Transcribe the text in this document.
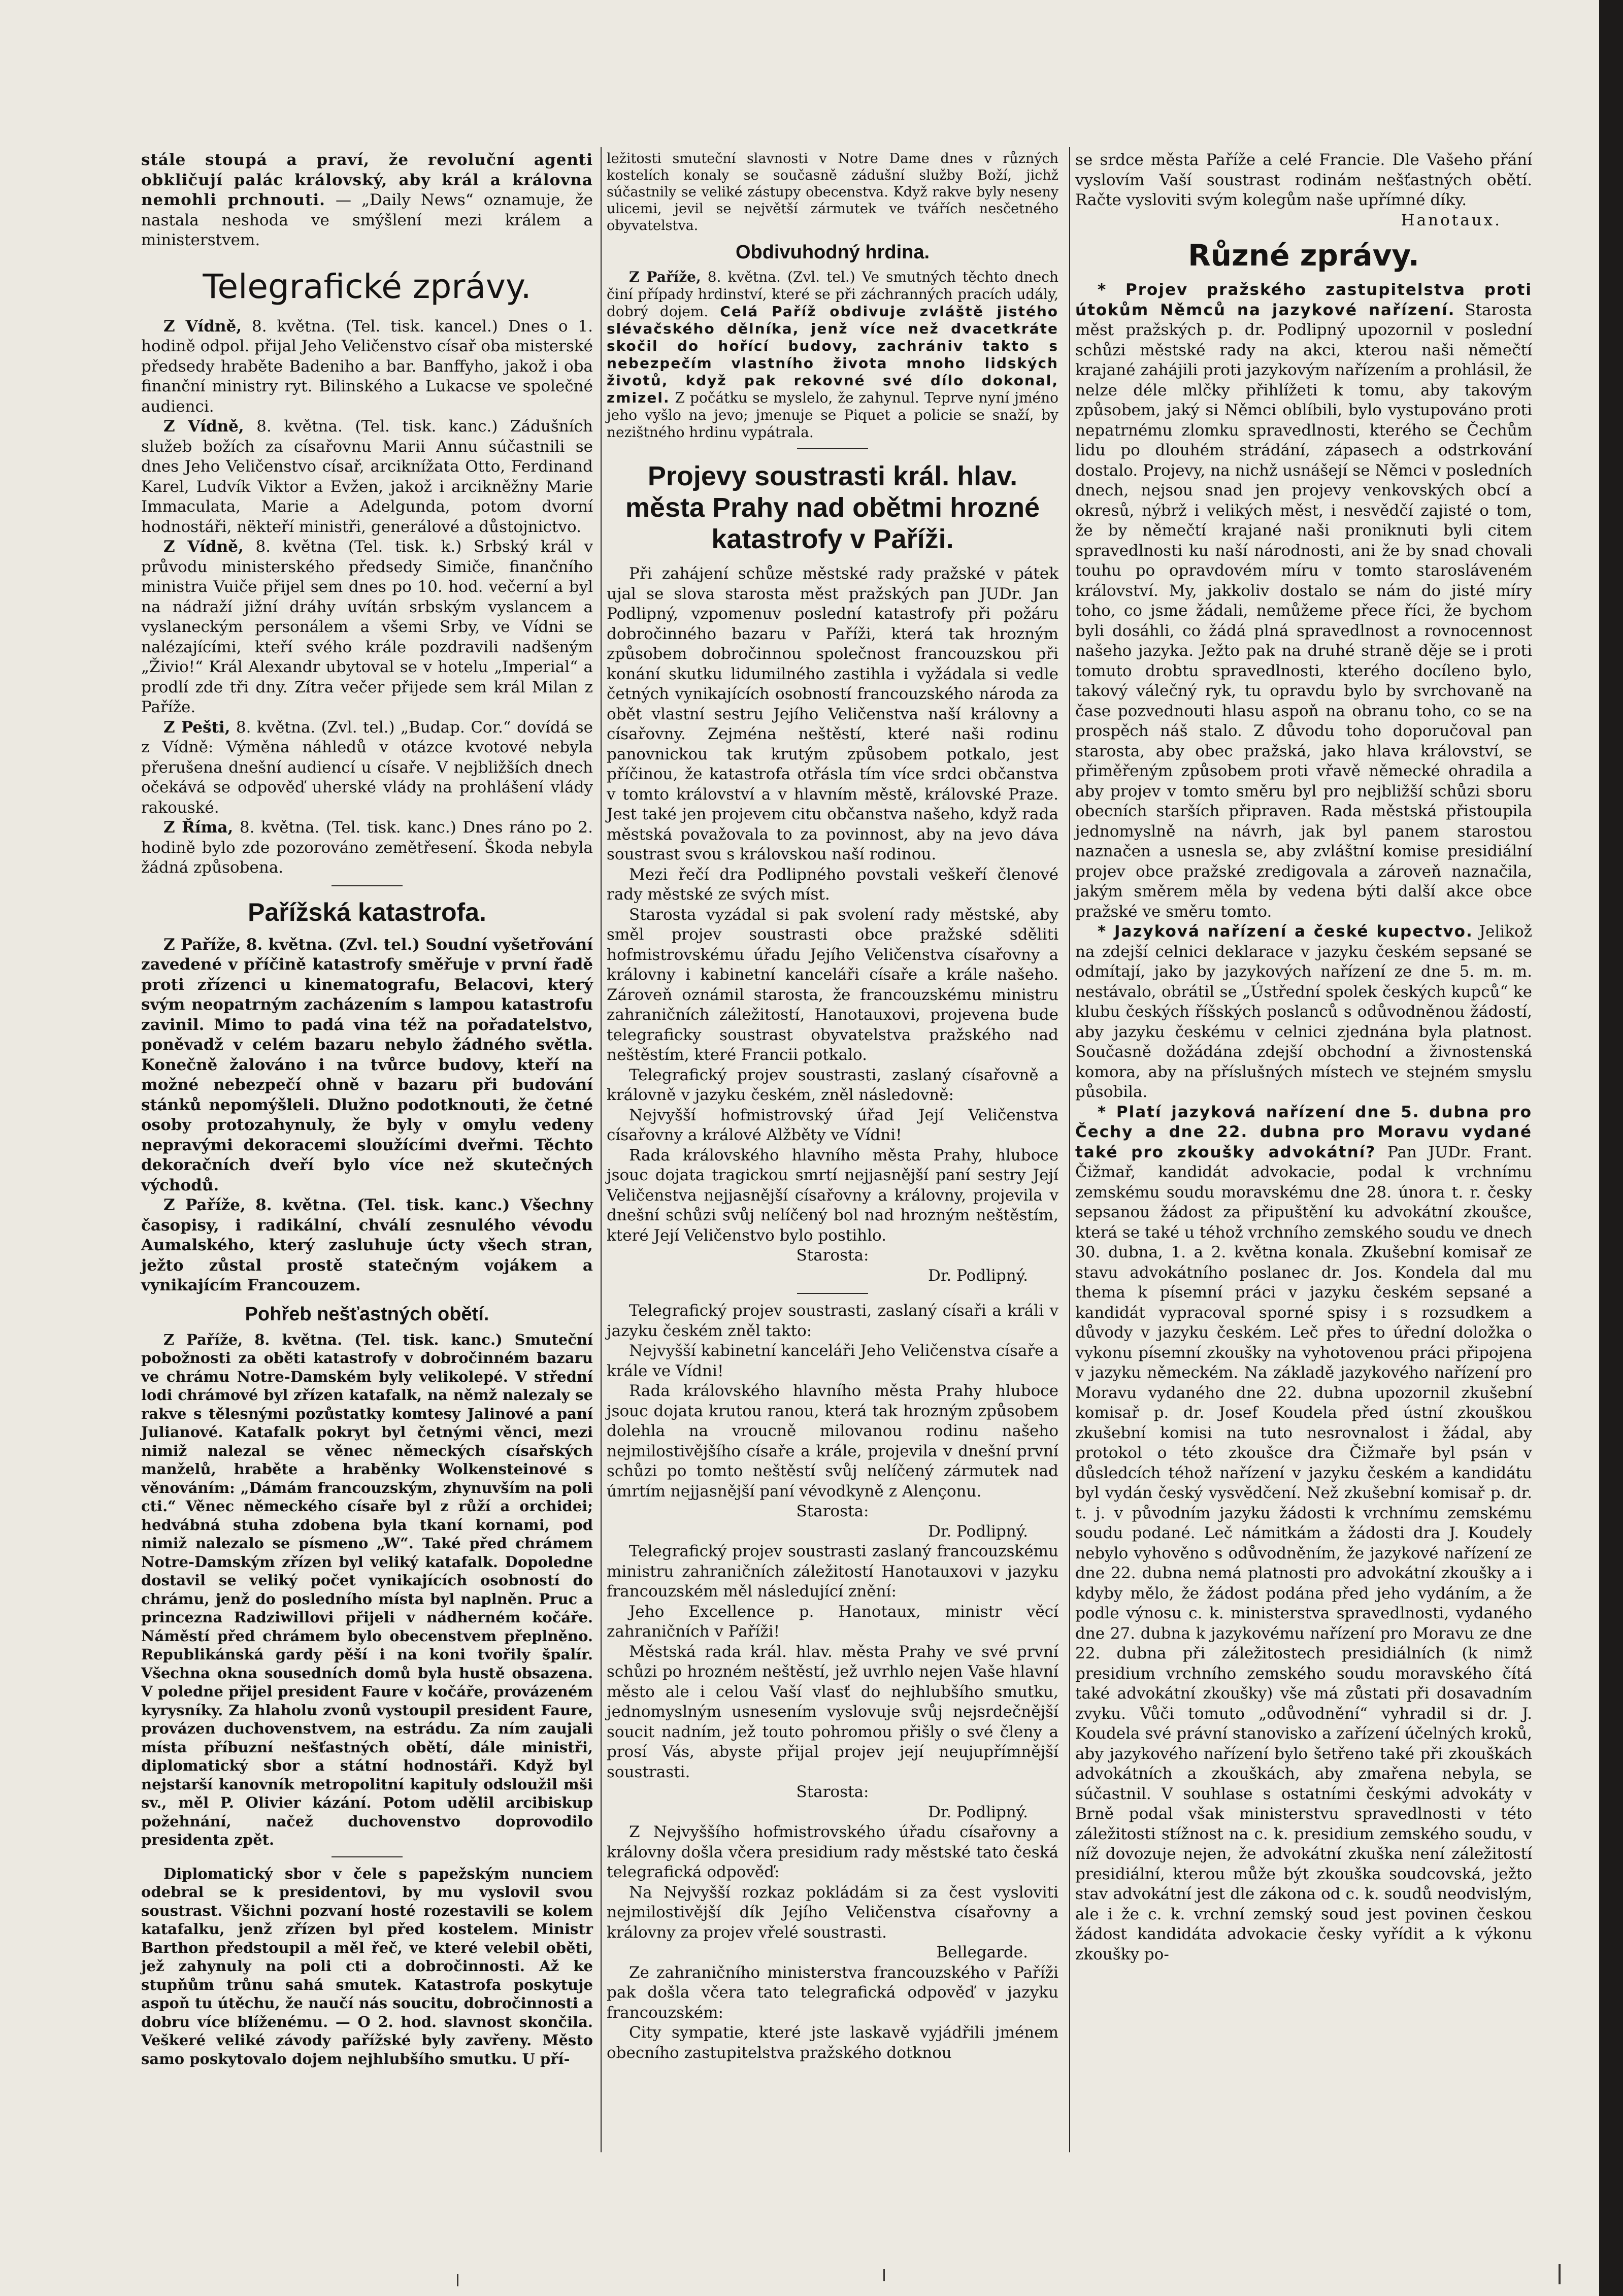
stále stoupá a praví, že revoluční agenti obkličují palác královský, aby král a královna nemohli prchnouti. — „Daily News“ oznamuje, že nastala neshoda ve smýšlení mezi králem a ministerstvem.

Telegrafické zprávy.

Z Vídně, 8. května. (Tel. tisk. kancel.) Dnes o 1. hodině odpol. přijal Jeho Veličenstvo císař oba misterské předsedy hraběte Badeniho a bar. Banffyho, jakož i oba finanční ministry ryt. Bilinského a Lukacse ve společné audienci.

Z Vídně, 8. května. (Tel. tisk. kanc.) Zádušních služeb božích za císařovnu Marii Annu súčastnili se dnes Jeho Veličenstvo císař, arciknížata Otto, Ferdinand Karel, Ludvík Viktor a Evžen, jakož i arcikněžny Marie Immaculata, Marie a Adelgunda, potom dvorní hodnostáři, nëkteří ministři, generálové a důstojnictvo.

Z Vídně, 8. května (Tel. tisk. k.) Srbský král v průvodu ministerského předsedy Simiče, finančního ministra Vuiče přijel sem dnes po 10. hod. večerní a byl na nádraží jižní dráhy uvítán srbským vyslancem a vyslaneckým personálem a všemi Srby, ve Vídni se nalézajícími, kteří svého krále pozdravili nadšeným „Živio!“ Král Alexandr ubytoval se v hotelu „Imperial“ a prodlí zde tři dny. Zítra večer přijede sem král Milan z Paříže.

Z Pešti, 8. května. (Zvl. tel.) „Budap. Cor.“ dovídá se z Vídně: Výměna náhledů v otázce kvotové nebyla přerušena dnešní audiencí u císaře. V nejbližších dnech očekává se odpověď uherské vlády na prohlášení vlády rakouské.

Z Říma, 8. května. (Tel. tisk. kanc.) Dnes ráno po 2. hodině bylo zde pozorováno zemětřesení. Škoda nebyla žádná způsobena.

Pařížská katastrofa.

Z Paříže, 8. května. (Zvl. tel.) Soudní vyšetřování zavedené v příčině katastrofy směřuje v první řadě proti zřízenci u kinematografu, Belacovi, který svým neopatrným zacházením s lampou katastrofu zavinil. Mimo to padá vina též na pořadatelstvo, poněvadž v celém bazaru nebylo žádného světla. Konečně žalováno i na tvůrce budovy, kteří na možné nebezpečí ohně v bazaru při budování stánků nepomýšleli. Dlužno podotknouti, že četné osoby protozahynuly, že byly v omylu vedeny nepravými dekoracemi sloužícími dveřmi. Těchto dekoračních dveří bylo více než skutečných východů.

Z Paříže, 8. května. (Tel. tisk. kanc.) Všechny časopisy, i radikální, chválí zesnulého vévodu Aumalského, který zasluhuje úcty všech stran, ježto zůstal prostě statečným vojákem a vynikajícím Francouzem.

Pohřeb nešťastných obětí.

Z Paříže, 8. května. (Tel. tisk. kanc.) Smuteční pobožnosti za oběti katastrofy v dobročinném bazaru ve chrámu Notre-Damském byly velikolepé. V střední lodi chrámové byl zřízen katafalk, na němž nalezaly se rakve s tělesnými pozůstatky komtesy Jalinové a paní Julianové. Katafalk pokryt byl četnými věnci, mezi nimiž nalezal se věnec německých císařských manželů, hraběte a hraběnky Wolkensteinové s věnováním: „Dámám francouzským, zhynuvším na poli cti.“ Věnec německého císaře byl z růží a orchidei; hedvábná stuha zdobena byla tkaní kornami, pod nimiž nalezalo se písmeno „W“. Také před chrámem Notre-Damským zřízen byl veliký katafalk. Dopoledne dostavil se veliký počet vynikajících osobností do chrámu, jenž do posledního místa byl naplněn. Pruc a princezna Radziwillovi přijeli v nádherném kočáře. Náměstí před chrámem bylo obecenstvem přeplněno. Republikánská gardy pěší i na koni tvořily špalír. Všechna okna sousedních domů byla hustě obsazena. V poledne přijel president Faure v kočáře, provázeném kyrysníky. Za hlaholu zvonů vystoupil president Faure, provázen duchovenstvem, na estrádu. Za ním zaujali místa příbuzní nešťastných obětí, dále ministři, diplomatický sbor a státní hodnostáři. Když byl nejstarší kanovník metropolitní kapituly odsloužil mši sv., měl P. Olivier kázání. Potom udělil arcibiskup požehnání, načež duchovenstvo doprovodilo presidenta zpět.

Diplomatický sbor v čele s papežským nunciem odebral se k presidentovi, by mu vyslovil svou soustrast. Všichni pozvaní hosté rozestavili se kolem katafalku, jenž zřízen byl před kostelem. Ministr Barthon předstoupil a měl řeč, ve které velebil oběti, jež zahynuly na poli cti a dobročinnosti. Až ke stupňům trůnu sahá smutek. Katastrofa poskytuje aspoň tu útěchu, že naučí nás soucitu, dobročinnosti a dobru více blíženému. — O 2. hod. slavnost skončila. Veškeré veliké závody pařížské byly zavřeny. Město samo poskytovalo dojem nejhlubšího smutku. U pří-

ležitosti smuteční slavnosti v Notre Dame dnes v různých kostelích konaly se současně zádušní služby Boží, jichž súčastnily se veliké zástupy obecenstva. Když rakve byly neseny ulicemi, jevil se největší zármutek ve tvářích nesčetného obyvatelstva.

Obdivuhodný hrdina.

Z Paříže, 8. května. (Zvl. tel.) Ve smutných těchto dnech činí případy hrdinství, které se při záchranných pracích udály, dobrý dojem. Celá Paříž obdivuje zvláště jistého slévačského dělníka, jenž více než dvacetkráte skočil do hořící budovy, zachrániv takto s nebezpečím vlastního života mnoho lidských životů, když pak rekovné své dílo dokonal, zmizel. Z počátku se myslelo, že zahynul. Teprve nyní jméno jeho vyšlo na jevo; jmenuje se Piquet a policie se snaží, by nezištného hrdinu vypátrala.

Projevy soustrasti král. hlav. města Prahy nad obětmi hrozné katastrofy v Paříži.

Při zahájení schůze městské rady pražské v pátek ujal se slova starosta měst pražských pan JUDr. Jan Podlipný, vzpomenuv poslední katastrofy při požáru dobročinného bazaru v Paříži, která tak hrozným způsobem dobročinnou společnost francouzskou při konání skutku lidumilného zastihla i vyžádala si vedle četných vynikajících osobností francouzského národa za obět vlastní sestru Jejího Veličenstva naší královny a císařovny. Zejména neštěstí, které naši rodinu panovnickou tak krutým způsobem potkalo, jest příčinou, že katastrofa otřásla tím více srdci občanstva v tomto království a v hlavním městě, královské Praze. Jest také jen projevem citu občanstva našeho, když rada městská považovala to za povinnost, aby na jevo dáva soustrast svou s královskou naší rodinou.

Mezi řečí dra Podlipného povstali veškeří členové rady městské ze svých míst.

Starosta vyzádal si pak svolení rady městské, aby směl projev soustrasti obce pražské sděliti hofmistrovskému úřadu Jejího Veličenstva císařovny a královny i kabinetní kanceláři císaře a krále našeho. Zároveň oznámil starosta, že francouzskému ministru zahraničních záležitostí, Hanotauxovi, projevena bude telegraficky soustrast obyvatelstva pražského nad neštěstím, které Francii potkalo.

Telegrafický projev soustrasti, zaslaný císařovně a královně v jazyku českém, zněl následovně:

Nejvyšší hofmistrovský úřad Její Veličenstva císařovny a králové Alžběty ve Vídni!

Rada královského hlavního města Prahy, hluboce jsouc dojata tragickou smrtí nejjasnější paní sestry Její Veličenstva nejjasnější císařovny a královny, projevila v dnešní schůzi svůj nelíčený bol nad hrozným neštěstím, které Její Veličenstvo bylo postihlo.

Starosta:

Dr. Podlipný.

Telegrafický projev soustrasti, zaslaný císaři a králi v jazyku českém zněl takto:

Nejvyšší kabinetní kanceláři Jeho Veličenstva císaře a krále ve Vídni!

Rada královského hlavního města Prahy hluboce jsouc dojata krutou ranou, která tak hrozným způsobem dolehla na vroucně milovanou rodinu našeho nejmilostivějšího císaře a krále, projevila v dnešní první schůzi po tomto neštěstí svůj nelíčený zármutek nad úmrtím nejjasnější paní vévodkyně z Alençonu.

Starosta:

Dr. Podlipný.

Telegrafický projev soustrasti zaslaný francouzskému ministru zahraničních záležitostí Hanotauxovi v jazyku francouzském měl následující znění:

Jeho Excellence p. Hanotaux, ministr věcí zahraničních v Paříži!

Městská rada král. hlav. města Prahy ve své první schůzi po hrozném neštěstí, jež uvrhlo nejen Vaše hlavní město ale i celou Vaší vlasť do nejhlubšího smutku, jednomyslným usnesením vyslovuje svůj nejsrdečnější soucit nadním, jež touto pohromou přišly o své členy a prosí Vás, abyste přijal projev její neujupřímnější soustrasti.

Starosta:

Dr. Podlipný.

Z Nejvyššího hofmistrovského úřadu císařovny a královny došla včera presidium rady městské tato česká telegrafická odpověď:

Na Nejvyšší rozkaz pokládám si za čest vysloviti nejmilostivější dík Jejího Veličenstva císařovny a královny za projev vřelé soustrasti.

Bellegarde.

Ze zahraničního ministerstva francouzského v Paříži pak došla včera tato telegrafická odpověď v jazyku francouzském:

City sympatie, které jste laskavě vyjádřili jménem obecního zastupitelstva pražského dotknou

se srdce města Paříže a celé Francie. Dle Vašeho přání vyslovím Vaší soustrast rodinám nešťastných obětí. Račte vysloviti svým kolegům naše upřímné díky.

Hanotaux.

Různé zprávy.

* Projev pražského zastupitelstva proti útokům Němců na jazykové nařízení. Starosta měst pražských p. dr. Podlipný upozornil v poslední schůzi městské rady na akci, kterou naši němečtí krajané zahájili proti jazykovým nařízením a prohlásil, že nelze déle mlčky přihlížeti k tomu, aby takovým způsobem, jaký si Němci oblíbili, bylo vystupováno proti nepatrnému zlomku spravedlnosti, kterého se Čechům lidu po dlouhém strádání, zápasech a odstrkování dostalo. Projevy, na nichž usnášejí se Němci v posledních dnech, nejsou snad jen projevy venkovských obcí a okresů, nýbrž i velikých měst, i nesvědčí zajisté o tom, že by němečtí krajané naši proniknuti byli citem spravedlnosti ku naší národnosti, ani že by snad chovali touhu po opravdovém míru v tomto starosláveném království. My, jakkoliv dostalo se nám do jisté míry toho, co jsme žádali, nemůžeme přece říci, že bychom byli dosáhli, co žádá plná spravedlnost a rovnocennost našeho jazyka. Ježto pak na druhé straně děje se i proti tomuto drobtu spravedlnosti, kterého docíleno bylo, takový válečný ryk, tu opravdu bylo by svrchovaně na čase pozvednouti hlasu aspoň na obranu toho, co se na prospěch náš stalo. Z důvodu toho doporučoval pan starosta, aby obec pražská, jako hlava království, se přiměřeným způsobem proti vřavě německé ohradila a aby projev v tomto směru byl pro nejbližší schůzi sboru obecních starších připraven. Rada městská přistoupila jednomyslně na návrh, jak byl panem starostou naznačen a usnesla se, aby zvláštní komise presidiální projev obce pražské zredigovala a zároveň naznačila, jakým směrem měla by vedena býti další akce obce pražské ve směru tomto.

* Jazyková nařízení a české kupectvo. Jelikož na zdejší celnici deklarace v jazyku českém sepsané se odmítají, jako by jazykových nařízení ze dne 5. m. m. nestávalo, obrátil se „Ústřední spolek českých kupců“ ke klubu českých říšských poslanců s odůvodněnou žádostí, aby jazyku českému v celnici zjednána byla platnost. Současně dožádána zdejší obchodní a živnostenská komora, aby na příslušných místech ve stejném smyslu působila.

* Platí jazyková nařízení dne 5. dubna pro Čechy a dne 22. dubna pro Moravu vydané také pro zkoušky advokátní? Pan JUDr. Frant. Čižmař, kandidát advokacie, podal k vrchnímu zemskému soudu moravskému dne 28. února t. r. česky sepsanou žádost za připuštění ku advokátní zkoušce, která se také u téhož vrchního zemského soudu ve dnech 30. dubna, 1. a 2. května konala. Zkušební komisař ze stavu advokátního poslanec dr. Jos. Kondela dal mu thema k písemní práci v jazyku českém sepsané a kandidát vypracoval sporné spisy i s rozsudkem a důvody v jazyku českém. Leč přes to úřední doložka o vykonu písemní zkoušky na vyhotovenou práci připojena v jazyku německém. Na základě jazykového nařízení pro Moravu vydaného dne 22. dubna upozornil zkušební komisař p. dr. Josef Koudela před ústní zkouškou zkušební komisi na tuto nesrovnalost i žádal, aby protokol o této zkoušce dra Čižmaře byl psán v důsledcích téhož nařízení v jazyku českém a kandidátu byl vydán český vysvědčení. Než zkušební komisař p. dr. t. j. v původním jazyku žádosti k vrchnímu zemskému soudu podané. Leč námitkám a žádosti dra J. Koudely nebylo vyhověno s odůvodněním, že jazykové nařízení ze dne 22. dubna nemá platnosti pro advokátní zkoušky a i kdyby mělo, že žádost podána před jeho vydáním, a že podle výnosu c. k. ministerstva spravedlnosti, vydaného dne 27. dubna k jazykovému nařízení pro Moravu ze dne 22. dubna při záležitostech presidiálních (k nimž presidium vrchního zemského soudu moravského čítá také advokátní zkoušky) vše má zůstati při dosavadním zvyku. Vůči tomuto „odůvodnění“ vyhradil si dr. J. Koudela své právní stanovisko a zařízení účelných kroků, aby jazykového nařízení bylo šetřeno také při zkouškách advokátních a zkouškách, aby zmařena nebyla, se súčastnil. V souhlase s ostatními českými advokáty v Brně podal však ministerstvu spravedlnosti v této záležitosti stížnost na c. k. presidium zemského soudu, v níž dovozuje nejen, že advokátní zkuška není záležitostí presidiální, kterou může být zkouška soudcovská, ježto stav advokátní jest dle zákona od c. k. soudů neodvislým, ale i že c. k. vrchní zemský soud jest povinen českou žádost kandidáta advokacie česky vyřídit a k výkonu zkoušky po-
